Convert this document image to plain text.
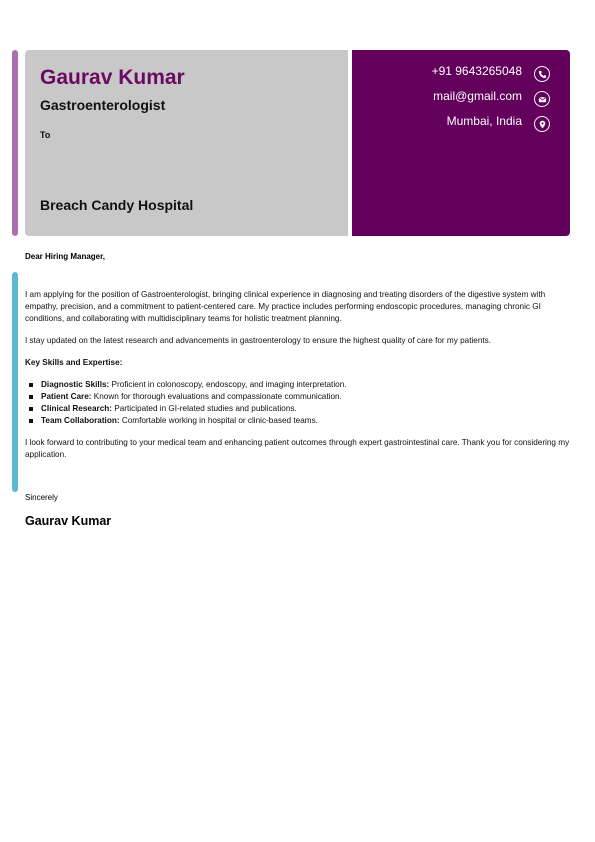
Gaurav Kumar
Gastroenterologist
To
Breach Candy Hospital
+91 9643265048
mail@gmail.com
Mumbai, India
Dear Hiring Manager,

I am applying for the position of Gastroenterologist, bringing clinical experience in diagnosing and treating disorders of the digestive system with empathy, precision, and a commitment to patient-centered care. My practice includes performing endoscopic procedures, managing chronic GI conditions, and collaborating with multidisciplinary teams for holistic treatment planning.

I stay updated on the latest research and advancements in gastroenterology to ensure the highest quality of care for my patients.

Key Skills and Expertise:

Diagnostic Skills: Proficient in colonoscopy, endoscopy, and imaging interpretation.
Patient Care: Known for thorough evaluations and compassionate communication.
Clinical Research: Participated in GI-related studies and publications.
Team Collaboration: Comfortable working in hospital or clinic-based teams.

I look forward to contributing to your medical team and enhancing patient outcomes through expert gastrointestinal care. Thank you for considering my application.

Sincerely
Gaurav Kumar
